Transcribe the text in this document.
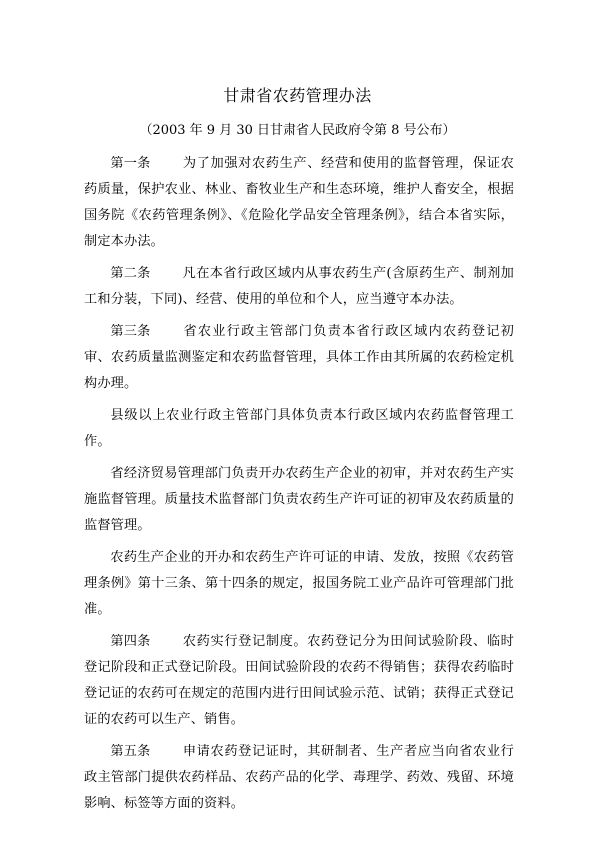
甘肃省农药管理办法
（2003 年 9 月 30 日甘肃省人民政府令第 8 号公布）

第一条 为了加强对农药生产、经营和使用的监督管理，保证农药质量，保护农业、林业、畜牧业生产和生态环境，维护人畜安全，根据国务院《农药管理条例》、《危险化学品安全管理条例》，结合本省实际，制定本办法。

第二条 凡在本省行政区域内从事农药生产(含原药生产、制剂加工和分装，下同)、经营、使用的单位和个人，应当遵守本办法。

第三条 省农业行政主管部门负责本省行政区域内农药登记初审、农药质量监测鉴定和农药监督管理，具体工作由其所属的农药检定机构办理。

县级以上农业行政主管部门具体负责本行政区域内农药监督管理工作。

省经济贸易管理部门负责开办农药生产企业的初审，并对农药生产实施监督管理。质量技术监督部门负责农药生产许可证的初审及农药质量的监督管理。

农药生产企业的开办和农药生产许可证的申请、发放，按照《农药管理条例》第十三条、第十四条的规定，报国务院工业产品许可管理部门批准。

第四条 农药实行登记制度。农药登记分为田间试验阶段、临时登记阶段和正式登记阶段。田间试验阶段的农药不得销售；获得农药临时登记证的农药可在规定的范围内进行田间试验示范、试销；获得正式登记证的农药可以生产、销售。

第五条 申请农药登记证时，其研制者、生产者应当向省农业行政主管部门提供农药样品、农药产品的化学、毒理学、药效、残留、环境影响、标签等方面的资料。
